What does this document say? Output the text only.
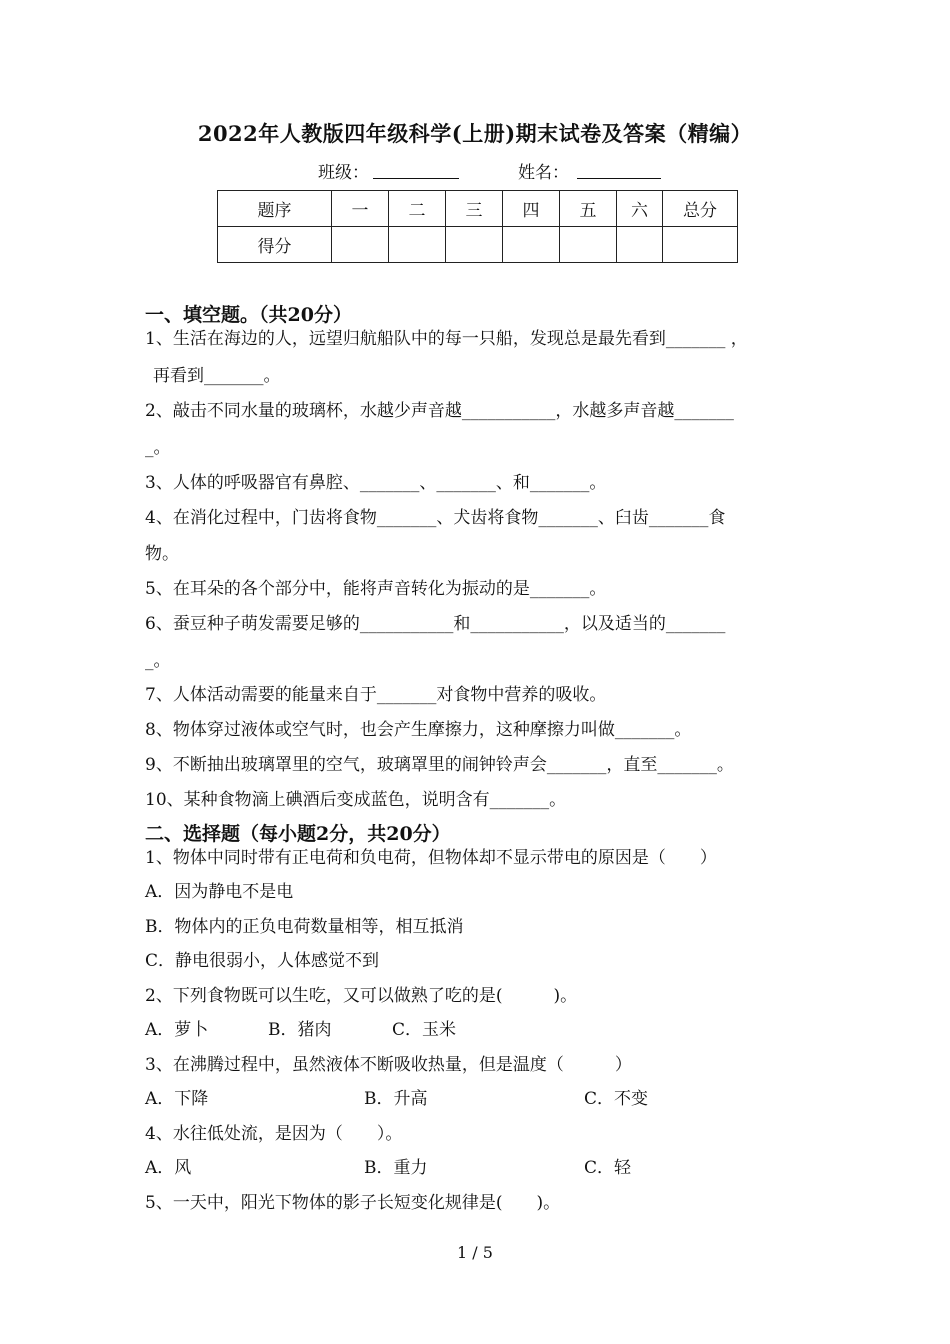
2022年人教版四年级科学(上册)期末试卷及答案（精编）
班级：	姓名：
题序	一	二	三	四	五	六	总分
得分							
一、填空题。（共20分）
1、生活在海边的人，远望归航船队中的每一只船，发现总是最先看到_______ ，
再看到_______。
2、敲击不同水量的玻璃杯，水越少声音越___________，水越多声音越_______
_。
3、人体的呼吸器官有鼻腔、_______、_______、和_______。
4、在消化过程中，门齿将食物_______、犬齿将食物_______、臼齿_______食
物。
5、在耳朵的各个部分中，能将声音转化为振动的是_______。
6、蚕豆种子萌发需要足够的___________和___________，以及适当的_______
_。
7、人体活动需要的能量来自于_______对食物中营养的吸收。
8、物体穿过液体或空气时，也会产生摩擦力，这种摩擦力叫做_______。
9、不断抽出玻璃罩里的空气，玻璃罩里的闹钟铃声会_______，直至_______。
10、某种食物滴上碘酒后变成蓝色，说明含有_______。
二、选择题（每小题2分，共20分）
1、物体中同时带有正电荷和负电荷，但物体却不显示带电的原因是（　　）
A．因为静电不是电
B．物体内的正负电荷数量相等，相互抵消
C．静电很弱小，人体感觉不到
2、下列食物既可以生吃，又可以做熟了吃的是(　　　)。
A．萝卜	B．猪肉	C．玉米
3、在沸腾过程中，虽然液体不断吸收热量，但是温度（　　　）
A．下降	B．升高	C．不变
4、水往低处流，是因为（　　）。
A．风	B．重力	C．轻
5、一天中，阳光下物体的影子长短变化规律是(　　)。
1 / 5
